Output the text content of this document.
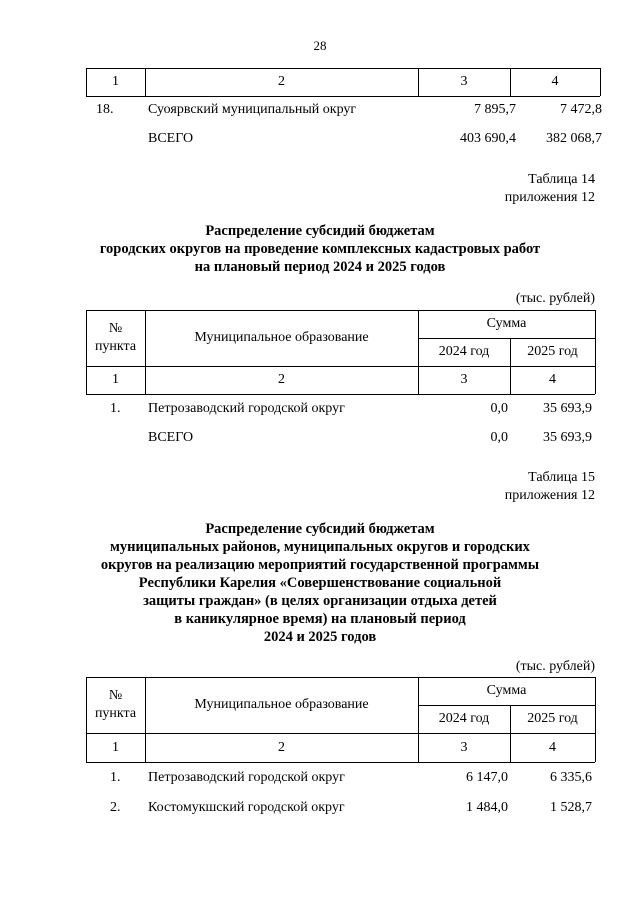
28
1	2	3	4
18.	Суоярвский муниципальный округ	7 895,7	7 472,8
ВСЕГО	403 690,4	382 068,7
Таблица 14
приложения 12
Распределение субсидий бюджетам
городских округов на проведение комплексных кадастровых работ
на плановый период 2024 и 2025 годов
(тыс. рублей)
№
пункта
Муниципальное образование
Сумма
2024 год	2025 год
1	2	3	4
1.	Петрозаводский городской округ	0,0	35 693,9
ВСЕГО	0,0	35 693,9
Таблица 15
приложения 12
Распределение субсидий бюджетам
муниципальных районов, муниципальных округов и городских
округов на реализацию мероприятий государственной программы
Республики Карелия «Совершенствование социальной
защиты граждан» (в целях организации отдыха детей
в каникулярное время) на плановый период
2024 и 2025 годов
(тыс. рублей)
№
пункта
Муниципальное образование
Сумма
2024 год	2025 год
1	2	3	4
1.	Петрозаводский городской округ	6 147,0	6 335,6
2.	Костомукшский городской округ	1 484,0	1 528,7
